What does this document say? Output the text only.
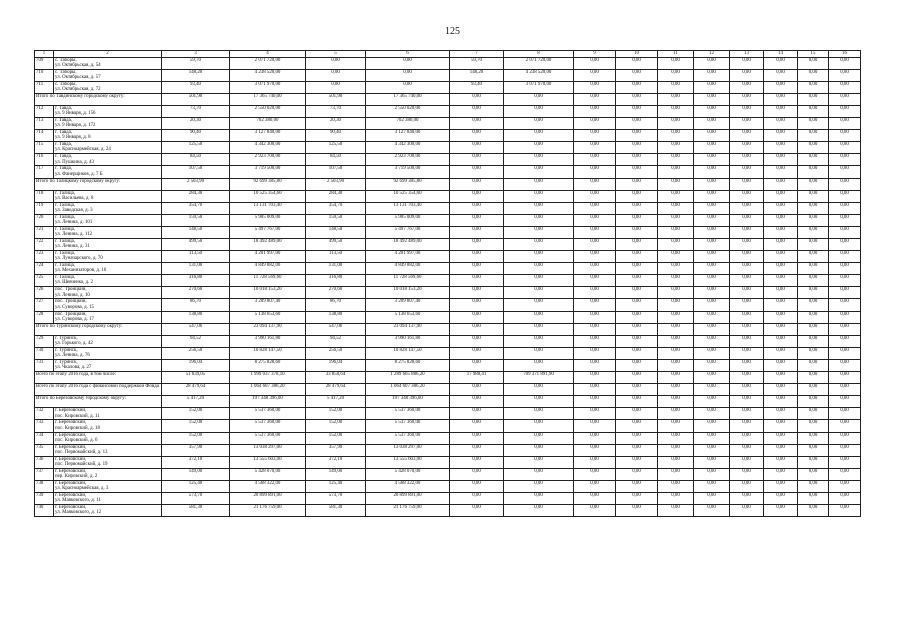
125
1	2	3	4	5	6	7	8	9	10	11	12	13	14	15	16
709	с. Таборы,
ул. Октябрьская, д. 54	59,70	2 071 720,00	0,00	0,00	59,70	2 071 720,00	0,00	0,00	0,00	0,00	0,00	0,00	0,00	0,00
710	с. Таборы,
ул. Октябрьская, д. 57	148,20	4 238 520,00	0,00	0,00	148,20	4 238 520,00	0,00	0,00	0,00	0,00	0,00	0,00	0,00	0,00
711	с. Таборы,
ул. Октябрьская, д. 72	93,40	3 071 970,00	0,00	0,00	93,40	3 071 970,00	0,00	0,00	0,00	0,00	0,00	0,00	0,00	0,00
Итого по Тавдинскому городскому округу:		501,90	17 365 740,00	501,90	17 365 740,00	0,00	0,00	0,00	0,00	0,00	0,00	0,00	0,00	0,00	0,00
712	г. Тавда,
ул. 9 Января, д. 156	73,70	2 550 020,00	73,70	2 550 020,00	0,00	0,00	0,00	0,00	0,00	0,00	0,00	0,00	0,00	0,00
713	г. Тавда,
ул. 9 Января, д. 172	20,30	702 380,00	20,30	702 380,00	0,00	0,00	0,00	0,00	0,00	0,00	0,00	0,00	0,00	0,00
714	г. Тавда,
ул. 9 Января, д. 8	90,40	3 127 840,00	90,40	3 127 840,00	0,00	0,00	0,00	0,00	0,00	0,00	0,00	0,00	0,00	0,00
715	г. Тавда,
ул. Красноармейская, д. 24	125,50	4 342 300,00	125,50	4 342 300,00	0,00	0,00	0,00	0,00	0,00	0,00	0,00	0,00	0,00	0,00
716	г. Тавда,
ул. Пушкина, д. 43	84,50	2 923 700,00	84,50	2 923 700,00	0,00	0,00	0,00	0,00	0,00	0,00	0,00	0,00	0,00	0,00
717	г. Тавда,
ул. Фанерщиков, д. 7 Б	107,50	3 719 500,00	107,50	3 719 500,00	0,00	0,00	0,00	0,00	0,00	0,00	0,00	0,00	0,00	0,00
Итого по Талицкому городскому округу:		2 503,90	92 699 385,80	2 503,90	92 699 385,80	0,00	0,00	0,00	0,00	0,00	0,00	0,00	0,00	0,00	0,00
718	г. Талица,
ул. Васильева, д. 8	284,30	10 525 354,60	284,30	10 525 354,60	0,00	0,00	0,00	0,00	0,00	0,00	0,00	0,00	0,00	0,00
719	г. Талица,
ул. Заводская, д. 3	354,70	13 131 703,40	354,70	13 131 703,40	0,00	0,00	0,00	0,00	0,00	0,00	0,00	0,00	0,00	0,00
720	г. Талица,
ул. Ленина, д. 101	159,50	5 905 009,00	159,50	5 905 009,00	0,00	0,00	0,00	0,00	0,00	0,00	0,00	0,00	0,00	0,00
721	г. Талица,
ул. Ленина, д. 112	148,50	5 497 767,00	148,50	5 497 767,00	0,00	0,00	0,00	0,00	0,00	0,00	0,00	0,00	0,00	0,00
722	г. Талица,
ул. Ленина, д. 31	499,50	18 492 489,00	499,50	18 492 489,00	0,00	0,00	0,00	0,00	0,00	0,00	0,00	0,00	0,00	0,00
723	г. Талица,
ул. Луначарского, д. 70	113,50	4 201 997,00	113,50	4 201 997,00	0,00	0,00	0,00	0,00	0,00	0,00	0,00	0,00	0,00	0,00
724	г. Талица,
ул. Механизаторов, д. 16	131,00	4 849 882,00	131,00	4 849 882,00	0,00	0,00	0,00	0,00	0,00	0,00	0,00	0,00	0,00	0,00
725	г. Талица,
ул. Шевченко, д. 2	316,80	11 728 569,60	316,80	11 728 569,60	0,00	0,00	0,00	0,00	0,00	0,00	0,00	0,00	0,00	0,00
726	пос. Троицкий,
ул. Ленина, д. 10	270,60	10 018 153,20	270,60	10 018 153,20	0,00	0,00	0,00	0,00	0,00	0,00	0,00	0,00	0,00	0,00
727	пос. Троицкий,
ул. Суворова, д. 15	86,70	3 209 807,40	86,70	3 209 807,40	0,00	0,00	0,00	0,00	0,00	0,00	0,00	0,00	0,00	0,00
728	пос. Троицкий,
ул. Суворова, д. 17	138,80	5 138 653,60	138,80	5 138 653,60	0,00	0,00	0,00	0,00	0,00	0,00	0,00	0,00	0,00	0,00
Итого по Туринскому городскому округу:		547,06	23 094 137,90	547,06	23 094 137,90	0,00	0,00	0,00	0,00	0,00	0,00	0,00	0,00	0,00	0,00
729	г. Туринск,
ул. Горького, д. 42	94,52	3 990 161,80	94,52	3 990 161,80	0,00	0,00	0,00	0,00	0,00	0,00	0,00	0,00	0,00	0,00
730	г. Туринск,
ул. Ленина, д. 76	256,50	10 828 147,50	256,50	10 828 147,50	0,00	0,00	0,00	0,00	0,00	0,00	0,00	0,00	0,00	0,00
731	г. Туринск,
ул. Чкалова, д. 27	196,04	8 275 828,60	196,04	8 275 828,60	0,00	0,00	0,00	0,00	0,00	0,00	0,00	0,00	0,00	0,00
Всего по этапу 2016 года, в том числе:		51 839,05	1 999 037 378,10	33 850,64	1 289 665 886,20	17 988,41	709 371 891,90	0,00	0,00	0,00	0,00	0,00	0,00	0,00	0,00
Всего по этапу 2016 года с финансовой поддержкой Фонда		28 479,64	1 064 607 386,20	28 479,64	1 064 607 386,20	0,00	0,00	0,00	0,00	0,00	0,00	0,00	0,00	0,00	0,00
Итого по Березовскому городскому округу:		5 417,20	197 348 396,00	5 417,20	197 348 396,00	0,00	0,00	0,00	0,00	0,00	0,00	0,00	0,00	0,00	0,00
732	г. Березовский,
пос. Кировский, д. 11	152,00	5 537 360,00	152,00	5 537 360,00	0,00	0,00	0,00	0,00	0,00	0,00	0,00	0,00	0,00	0,00
733	г. Березовский,
пос. Кировский, д. 18	152,00	5 537 360,00	152,00	5 537 360,00	0,00	0,00	0,00	0,00	0,00	0,00	0,00	0,00	0,00	0,00
734	г. Березовский,
пос. Кировский, д. 6	152,00	5 537 360,00	152,00	5 537 360,00	0,00	0,00	0,00	0,00	0,00	0,00	0,00	0,00	0,00	0,00
735	г. Березовский,
пос. Первомайский, д. 13	357,90	13 038 297,00	357,90	13 038 297,00	0,00	0,00	0,00	0,00	0,00	0,00	0,00	0,00	0,00	0,00
736	г. Березовский,
пос. Первомайский, д. 19	372,10	13 555 603,00	372,10	13 555 603,00	0,00	0,00	0,00	0,00	0,00	0,00	0,00	0,00	0,00	0,00
737	г. Березовский,
пер. Кировский, д. 2	149,00	5 428 070,00	149,00	5 428 070,00	0,00	0,00	0,00	0,00	0,00	0,00	0,00	0,00	0,00	0,00
738	г. Березовский,
ул. Красноармейская, д. 3	125,40	4 568 322,00	125,40	4 568 322,00	0,00	0,00	0,00	0,00	0,00	0,00	0,00	0,00	0,00	0,00
739	г. Березовский,
ул. Маяковского, д. 11	573,70	20 899 891,00	573,70	20 899 891,00	0,00	0,00	0,00	0,00	0,00	0,00	0,00	0,00	0,00	0,00
740	г. Березовский,
ул. Маяковского, д. 12	581,30	21 176 759,00	581,30	21 176 759,00	0,00	0,00	0,00	0,00	0,00	0,00	0,00	0,00	0,00	0,00
